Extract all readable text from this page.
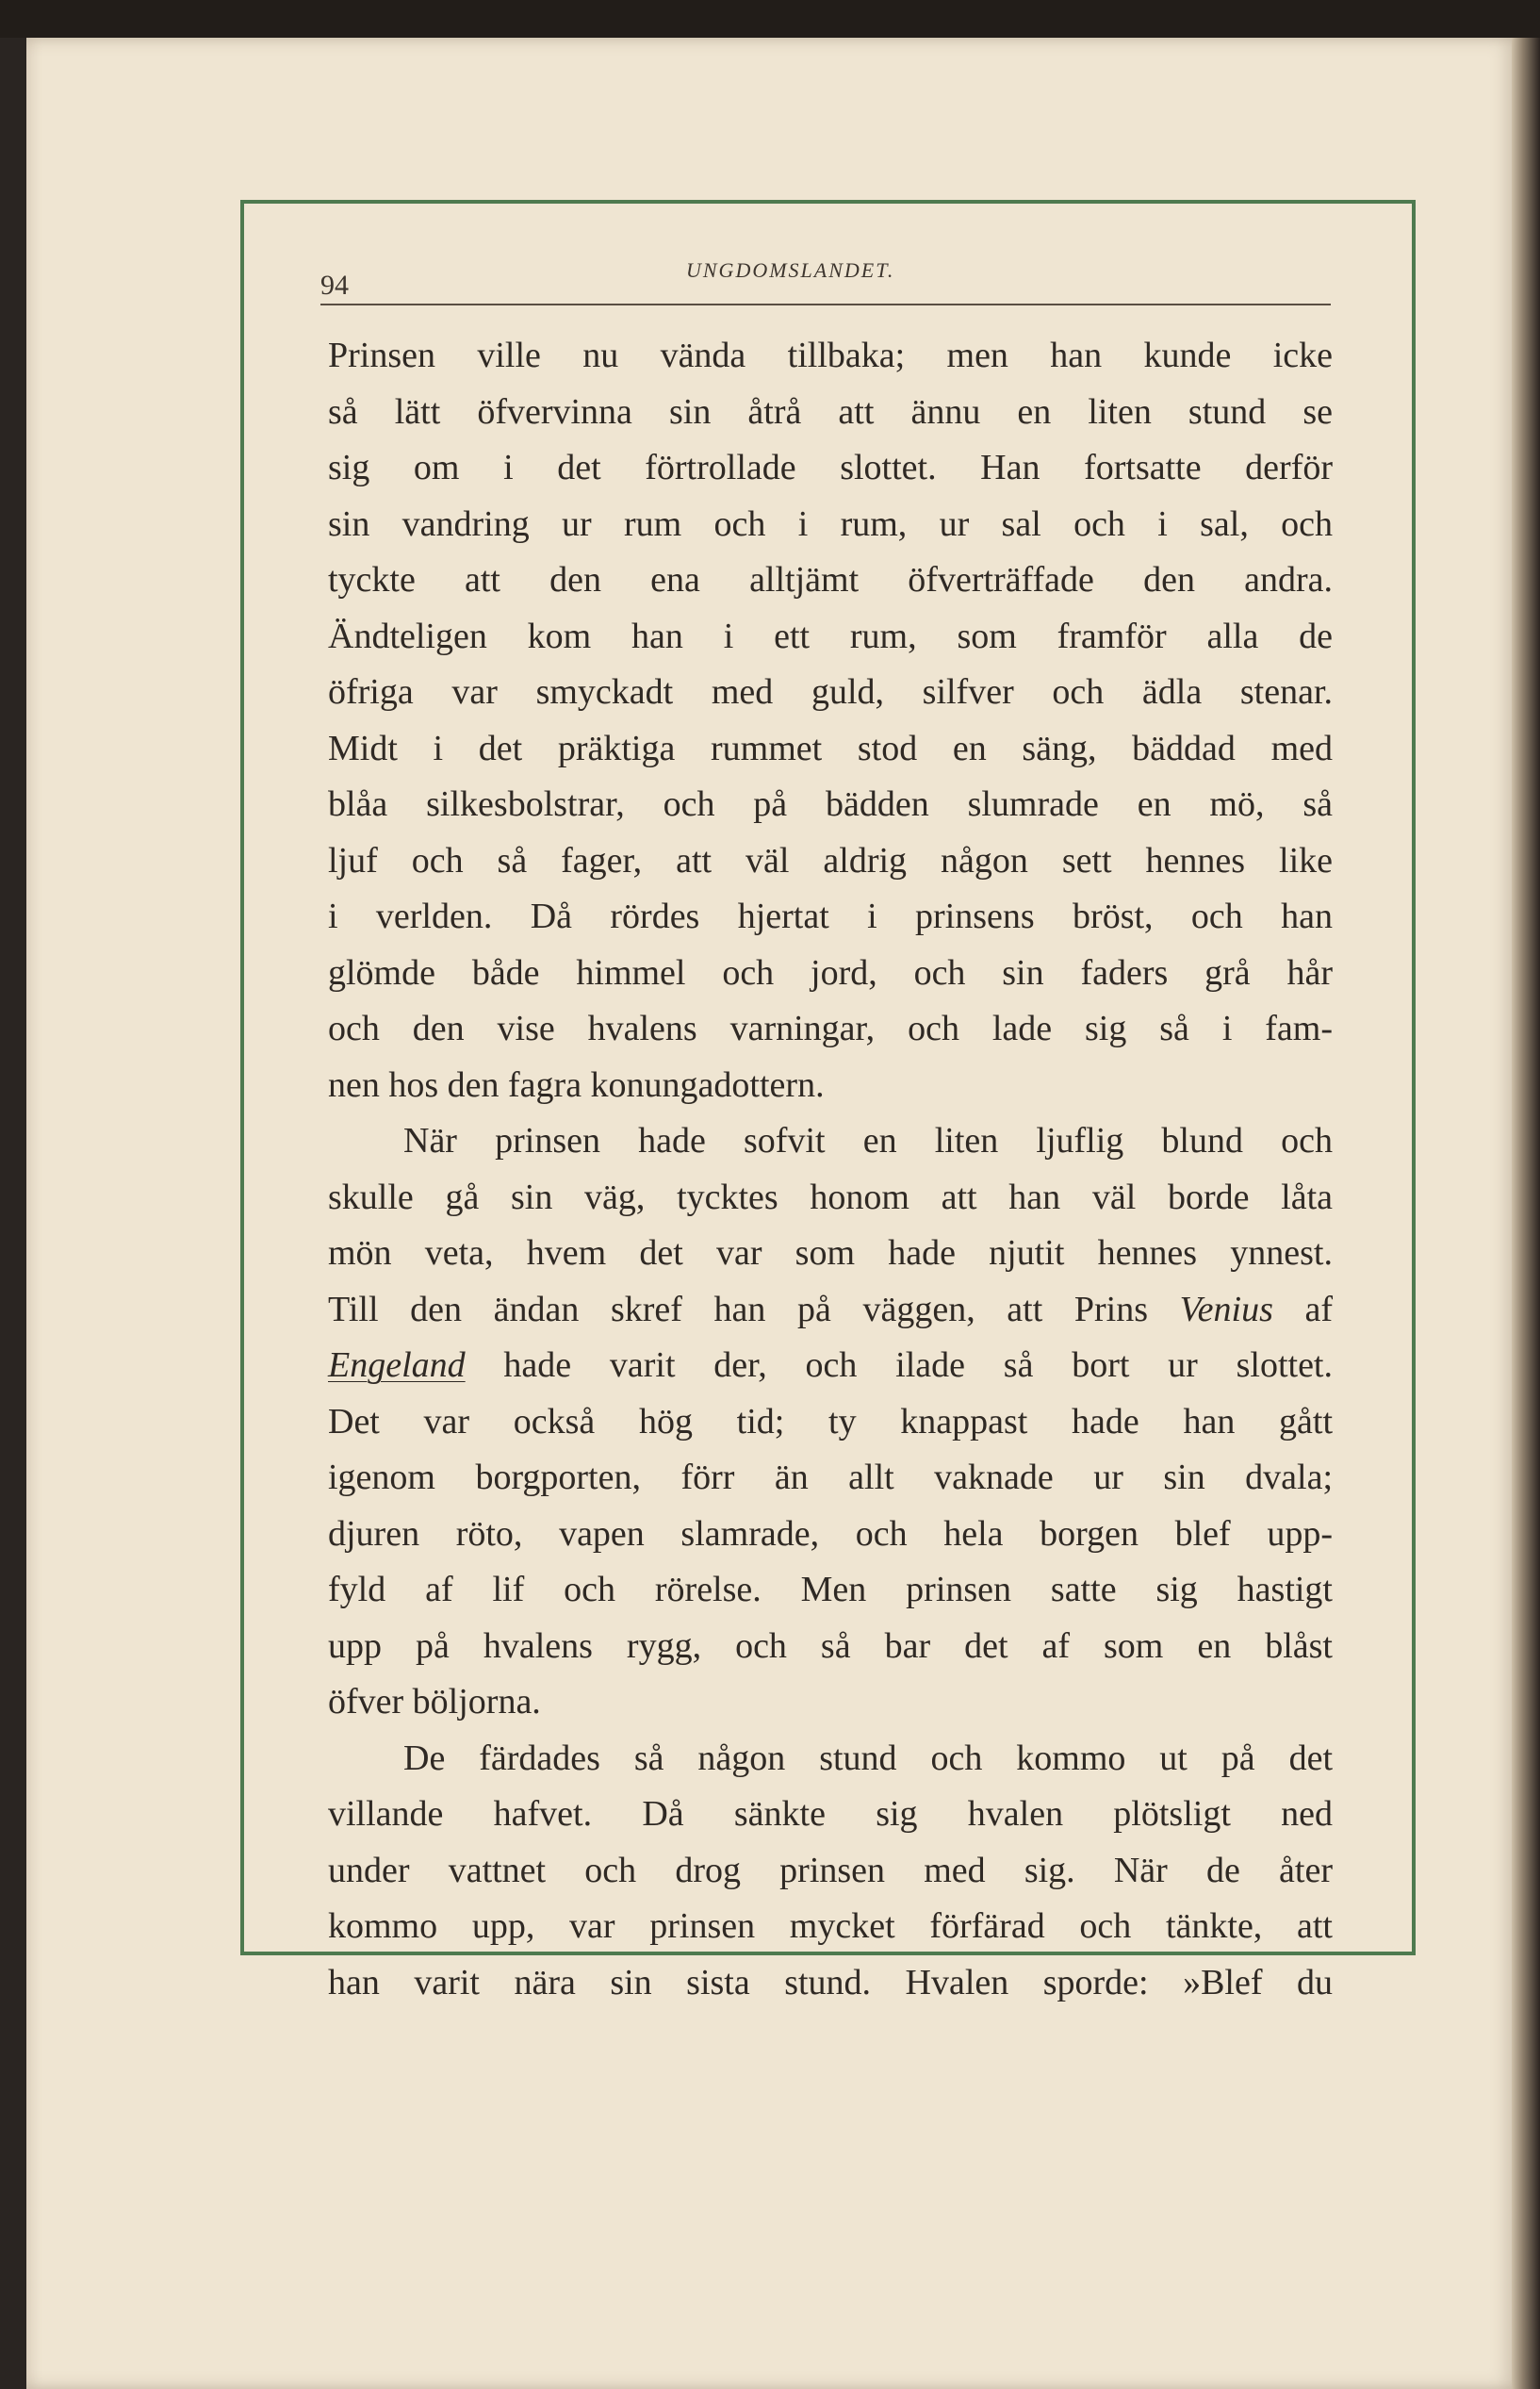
94	UNGDOMSLANDET.
Prinsen ville nu vända tillbaka; men han kunde icke
så lätt öfvervinna sin åtrå att ännu en liten stund se
sig om i det förtrollade slottet. Han fortsatte derför
sin vandring ur rum och i rum, ur sal och i sal, och
tyckte att den ena alltjämt öfverträffade den andra.
Ändteligen kom han i ett rum, som framför alla de
öfriga var smyckadt med guld, silfver och ädla stenar.
Midt i det präktiga rummet stod en säng, bäddad med
blåa silkesbolstrar, och på bädden slumrade en mö, så
ljuf och så fager, att väl aldrig någon sett hennes like
i verlden. Då rördes hjertat i prinsens bröst, och han
glömde både himmel och jord, och sin faders grå hår
och den vise hvalens varningar, och lade sig så i fam-
nen hos den fagra konungadottern.
När prinsen hade sofvit en liten ljuflig blund och
skulle gå sin väg, tycktes honom att han väl borde låta
mön veta, hvem det var som hade njutit hennes ynnest.
Till den ändan skref han på väggen, att Prins Venius af
Engeland hade varit der, och ilade så bort ur slottet.
Det var också hög tid; ty knappast hade han gått
igenom borgporten, förr än allt vaknade ur sin dvala;
djuren röto, vapen slamrade, och hela borgen blef upp-
fyld af lif och rörelse. Men prinsen satte sig hastigt
upp på hvalens rygg, och så bar det af som en blåst
öfver böljorna.
De färdades så någon stund och kommo ut på det
villande hafvet. Då sänkte sig hvalen plötsligt ned
under vattnet och drog prinsen med sig. När de åter
kommo upp, var prinsen mycket förfärad och tänkte, att
han varit nära sin sista stund. Hvalen sporde: »Blef du
